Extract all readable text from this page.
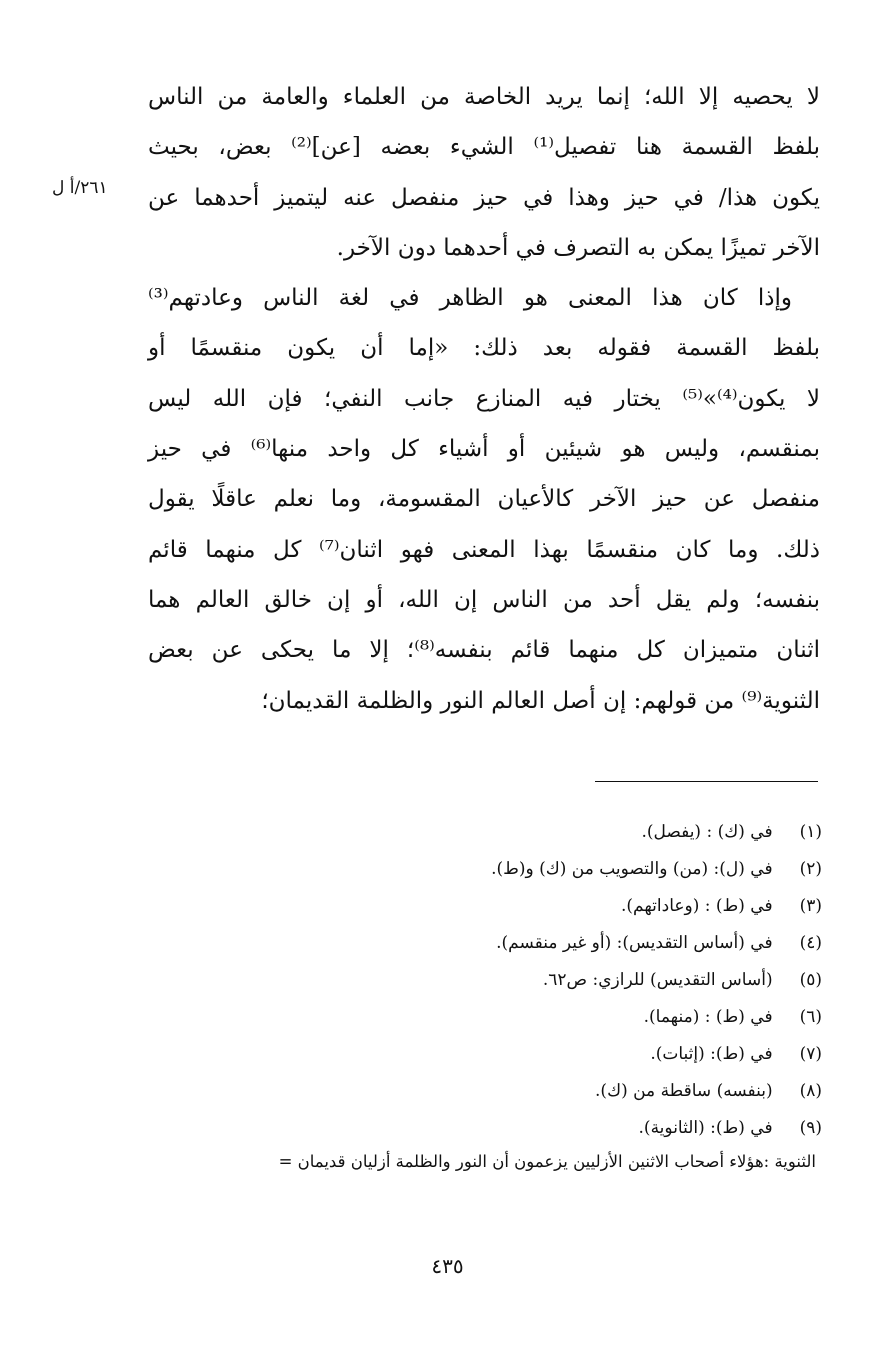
لا يحصيه إلا الله؛ إنما يريد الخاصة من العلماء والعامة من الناس
بلفظ القسمة هنا تفصيل⁽¹⁾ الشيء بعضه [عن]⁽²⁾ بعض، بحيث
يكون هذا/ في حيز وهذا في حيز منفصل عنه ليتميز أحدهما عن
الآخر تميزًا يمكن به التصرف في أحدهما دون الآخر.
وإذا كان هذا المعنى هو الظاهر في لغة الناس وعادتهم⁽³⁾
بلفظ القسمة فقوله بعد ذلك: «إما أن يكون منقسمًا أو
لا يكون⁽⁴⁾»⁽⁵⁾ يختار فيه المنازع جانب النفي؛ فإن الله ليس
بمنقسم، وليس هو شيئين أو أشياء كل واحد منها⁽⁶⁾ في حيز
منفصل عن حيز الآخر كالأعيان المقسومة، وما نعلم عاقلًا يقول
ذلك. وما كان منقسمًا بهذا المعنى فهو اثنان⁽⁷⁾ كل منهما قائم
بنفسه؛ ولم يقل أحد من الناس إن الله، أو إن خالق العالم هما
اثنان متميزان كل منهما قائم بنفسه⁽⁸⁾؛ إلا ما يحكى عن بعض
الثنوية⁽⁹⁾ من قولهم: إن أصل العالم النور والظلمة القديمان؛
٢٦١/أ ل
(١) في (ك) : (يفصل).
(٢) في (ل): (من) والتصويب من (ك) و(ط).
(٣) في (ط) : (وعاداتهم).
(٤) في (أساس التقديس): (أو غير منقسم).
(٥) (أساس التقديس) للرازي: ص٦٢.
(٦) في (ط) : (منهما).
(٧) في (ط): (إثبات).
(٨) (بنفسه) ساقطة من (ك).
(٩) في (ط): (الثانوية).
الثنوية :هؤلاء أصحاب الاثنين الأزليين يزعمون أن النور والظلمة أزليان قديمان =
٤٣٥
